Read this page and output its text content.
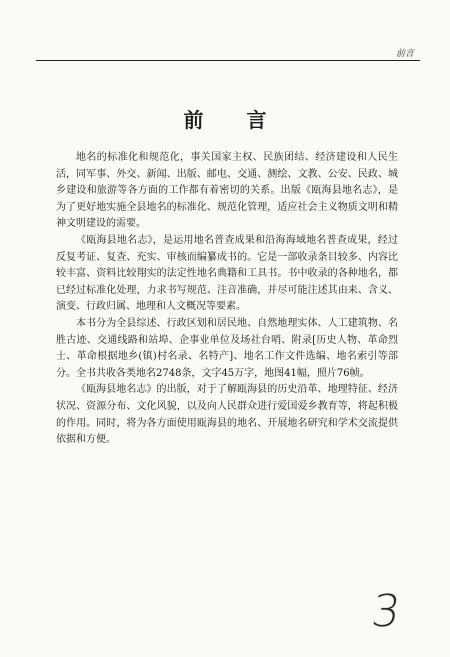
前言
前 言

地名的标准化和规范化，事关国家主权、民族团结、经济建设和人民生活，同军事、外交、新闻、出版、邮电、交通、测绘、文教、公安、民政、城乡建设和旅游等各方面的工作都有着密切的关系。出版《瓯海县地名志》，是为了更好地实施全县地名的标准化、规范化管理，适应社会主义物质文明和精神文明建设的需要。

《瓯海县地名志》，是运用地名普查成果和沿海海域地名普查成果，经过反复考证、复查、充实、审核而编纂成书的。它是一部收录条目较多、内容比较丰富、资料比较翔实的法定性地名典籍和工具书。书中收录的各种地名，都已经过标准化处理，力求书写规范、注音准确，并尽可能注述其由来、含义、演变、行政归属、地理和人文概况等要素。

本书分为全县综述、行政区划和居民地、自然地理实体、人工建筑物、名胜古迹、交通线路和站埠、企事业单位及场社台哨、附录[历史人物、革命烈士、革命根据地乡(镇)村名录、名特产]、地名工作文件选编、地名索引等部分。全书共收各类地名2748条，文字45万字，地图41幅，照片76帧。

《瓯海县地名志》的出版，对于了解瓯海县的历史沿革、地理特征、经济状况、资源分布、文化风貌，以及向人民群众进行爱国爱乡教育等，将起积极的作用。同时，将为各方面使用瓯海县的地名、开展地名研究和学术交流提供依据和方便。

3
